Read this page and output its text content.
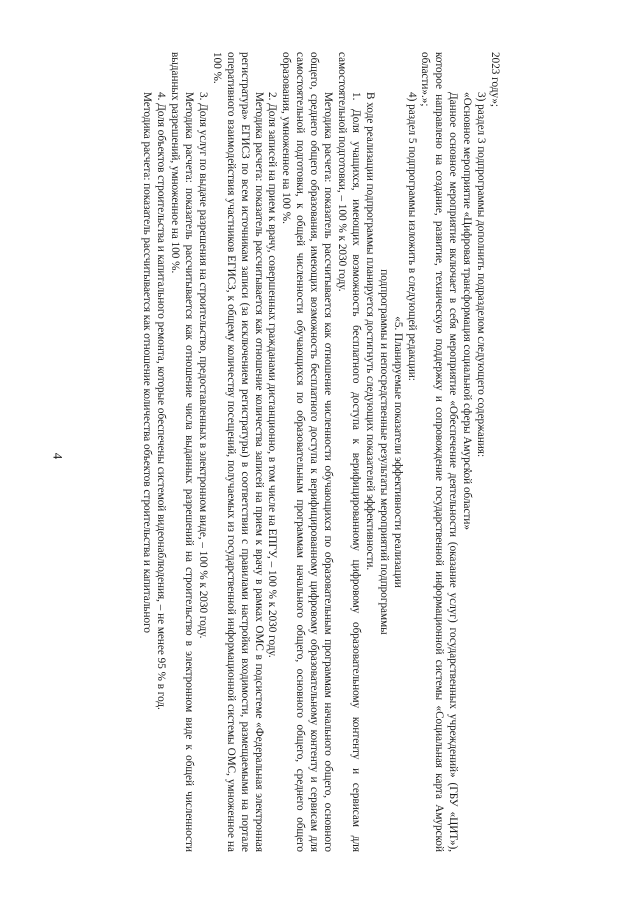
4

2023 году»;

3) раздел 3 подпрограммы дополнить подразделом следующего содержания:

«Основное мероприятие «Цифровая трансформация социальной сферы Амурской области»

Данное основное мероприятие включает в себя мероприятие «Обеспечение деятельности (оказание услуг) государственных учреждений» (ГБУ «ЦИТ»), которое направлено на создание, развитие, техническую поддержку и сопровождение государственной информационной системы «Социальная карта Амурской области».»;

4) раздел 5 подпрограммы изложить в следующей редакции:

«5. Планируемые показатели эффективности реализации

подпрограммы и непосредственные результаты мероприятий подпрограммы

В ходе реализации подпрограммы планируется достигнуть следующих показателей эффективности.

1. Доля учащихся, имеющих возможность бесплатного доступа к верифицированному цифровому образовательному контенту и сервисам для самостоятельной подготовки, – 100 % к 2030 году.

Методика расчета: показатель рассчитывается как отношение численности обучающихся по образовательным программам начального общего, основного общего, среднего общего образования, имеющих возможность бесплатного доступа к верифицированному цифровому образовательному контенту и сервисам для самостоятельной подготовки, к общей численности обучающихся по образовательным программам начального общего, основного общего, среднего общего образования, умноженное на 100 %.

2. Доля записей на прием к врачу, совершенных гражданами дистанционно, в том числе на ЕПГУ, – 100 % к 2030 году.

Методика расчета: показатель рассчитывается как отношение количества записей на прием к врачу в рамках ОМС в подсистеме «Федеральная электронная регистратура» ЕГИСЗ по всем источникам записи (за исключением регистратуры) в соответствии с правилами настройки входимости, размещаемыми на портале оперативного взаимодействия участников ЕГИСЗ, к общему количеству посещений, получаемых из государственной информационной системы ОМС, умноженное на 100 %.

3. Доля услуг по выдаче разрешения на строительство, предоставленных в электронном виде, – 100 % к 2030 году.

Методика расчета: показатель рассчитывается как отношение числа выданных разрешений на строительство в электронном виде к общей численности выданных разрешений, умноженное на 100 %.

4. Доля объектов строительства и капитального ремонта, которые обеспечены системой видеонаблюдения, – не менее 95 % в год.

Методика расчета: показатель рассчитывается как отношение количества объектов строительства и капитального
